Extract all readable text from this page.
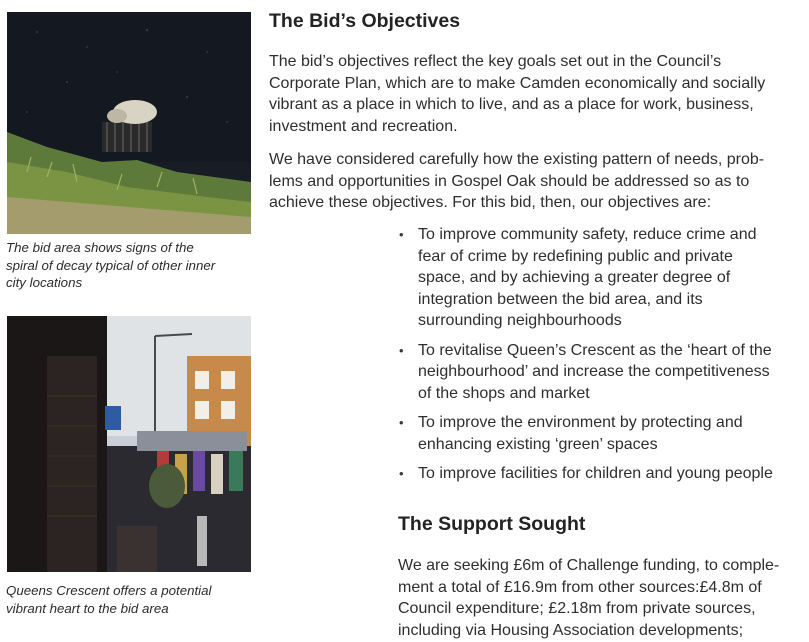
The bid area shows signs of the
spiral of decay typical of other inner
city locations
Queens Crescent offers a potential
vibrant heart to the bid area
The Bid’s Objectives

The bid’s objectives reflect the key goals set out in the Council’s
Corporate Plan, which are to make Camden economically and socially
vibrant as a place in which to live, and as a place for work, business,
investment and recreation.

We have considered carefully how the existing pattern of needs, prob-
lems and opportunities in Gospel Oak should be addressed so as to
achieve these objectives. For this bid, then, our objectives are:

• To improve community safety, reduce crime and
fear of crime by redefining public and private
space, and by achieving a greater degree of
integration between the bid area, and its
surrounding neighbourhoods
• To revitalise Queen’s Crescent as the ‘heart of the
neighbourhood’ and increase the competitiveness
of the shops and market
• To improve the environment by protecting and
enhancing existing ‘green’ spaces
• To improve facilities for children and young people
The Support Sought

We are seeking £6m of Challenge funding, to comple-
ment a total of £16.9m from other sources:£4.8m of
Council expenditure; £2.18m from private sources,
including via Housing Association developments;
